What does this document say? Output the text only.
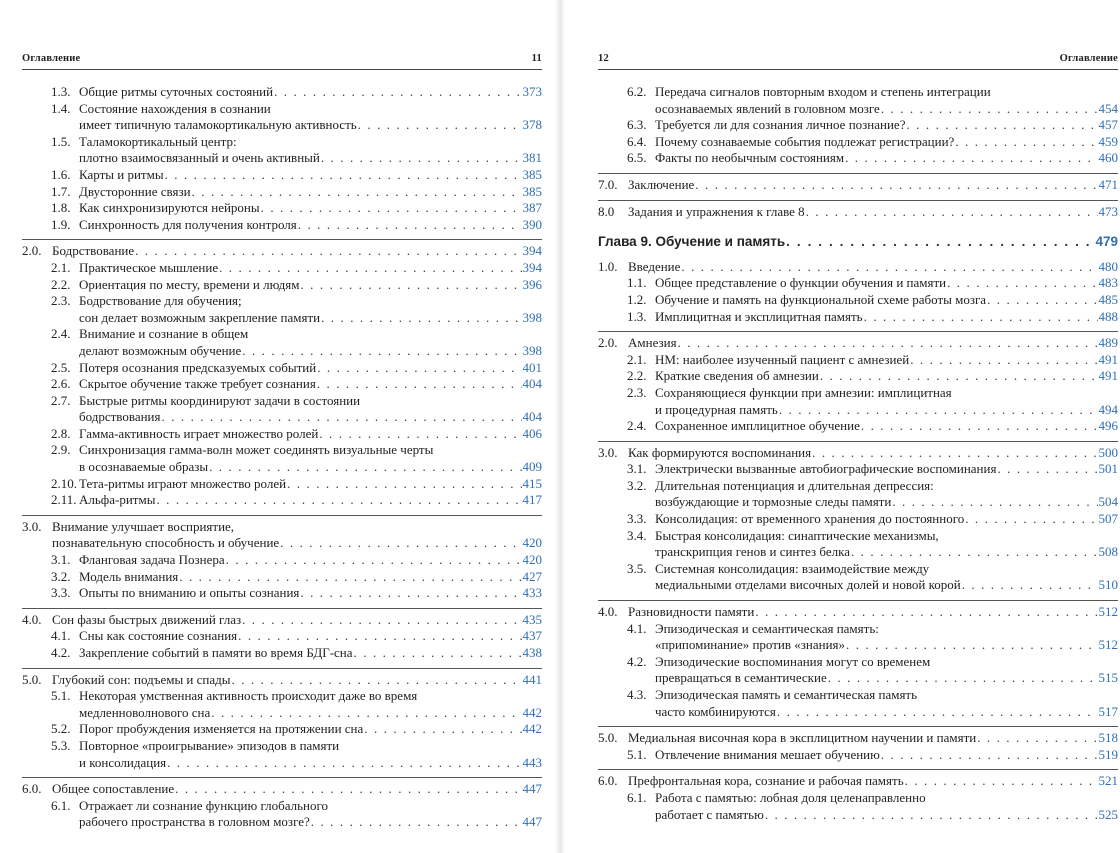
Оглавление	11
1.3. Общие ритмы суточных состояний . . .	373
1.4. Состояние нахождения в сознании
имеет типичную таламокортикальную активность . . .	378
1.5. Таламокортикальный центр:
плотно взаимосвязанный и очень активный . . .	381
1.6. Карты и ритмы . . .	385
1.7. Двусторонние связи . . .	385
1.8. Как синхронизируются нейроны . . .	387
1.9. Синхронность для получения контроля . . .	390
2.0. Бодрствование . . .	394
2.1. Практическое мышление . . .	394
2.2. Ориентация по месту, времени и людям . . .	396
2.3. Бодрствование для обучения;
сон делает возможным закрепление памяти . . .	398
2.4. Внимание и сознание в общем
делают возможным обучение . . .	398
2.5. Потеря осознания предсказуемых событий . . .	401
2.6. Скрытое обучение также требует сознания . . .	404
2.7. Быстрые ритмы координируют задачи в состоянии
бодрствования . . .	404
2.8. Гамма-активность играет множество ролей . . .	406
2.9. Синхронизация гамма-волн может соединять визуальные черты
в осознаваемые образы . . .	409
2.10. Тета-ритмы играют множество ролей . . .	415
2.11. Альфа-ритмы . . .	417
3.0. Внимание улучшает восприятие,
познавательную способность и обучение . . .	420
3.1. Фланговая задача Познера . . .	420
3.2. Модель внимания . . .	427
3.3. Опыты по вниманию и опыты сознания . . .	433
4.0. Сон фазы быстрых движений глаз . . .	435
4.1. Сны как состояние сознания . . .	437
4.2. Закрепление событий в памяти во время БДГ-сна . . .	438
5.0. Глубокий сон: подъемы и спады . . .	441
5.1. Некоторая умственная активность происходит даже во время
медленноволнового сна . . .	442
5.2. Порог пробуждения изменяется на протяжении сна . . .	442
5.3. Повторное «проигрывание» эпизодов в памяти
и консолидация . . .	443
6.0. Общее сопоставление . . .	447
6.1. Отражает ли сознание функцию глобального
рабочего пространства в головном мозге? . . .	447
12	Оглавление
6.2. Передача сигналов повторным входом и степень интеграции
осознаваемых явлений в головном мозге . . .	454
6.3. Требуется ли для сознания личное познание? . . .	457
6.4. Почему сознаваемые события подлежат регистрации? . . .	459
6.5. Факты по необычным состояниям . . .	460
7.0. Заключение . . .	471
8.0	Задания и упражнения к главе 8 . . .	473
Глава 9. Обучение и память . . .	479
1.0. Введение . . .	480
1.1. Общее представление о функции обучения и памяти . . .	483
1.2. Обучение и память на функциональной схеме работы мозга . . .	485
1.3. Имплицитная и эксплицитная память . . .	488
2.0. Амнезия . . .	489
2.1. НМ: наиболее изученный пациент с амнезией . . .	491
2.2. Краткие сведения об амнезии . . .	491
2.3. Сохраняющиеся функции при амнезии: имплицитная
и процедурная память . . .	494
2.4. Сохраненное имплицитное обучение . . .	496
3.0. Как формируются воспоминания . . .	500
3.1. Электрически вызванные автобиографические воспоминания . . .	501
3.2. Длительная потенциация и длительная депрессия:
возбуждающие и тормозные следы памяти . . .	504
3.3. Консолидация: от временного хранения до постоянного . . .	507
3.4. Быстрая консолидация: синаптические механизмы,
транскрипция генов и синтез белка . . .	508
3.5. Системная консолидация: взаимодействие между
медиальными отделами височных долей и новой корой . . .	510
4.0. Разновидности памяти . . .	512
4.1. Эпизодическая и семантическая память:
«припоминание» против «знания» . . .	512
4.2. Эпизодические воспоминания могут со временем
превращаться в семантические . . .	515
4.3. Эпизодическая память и семантическая память
часто комбинируются . . .	517
5.0. Медиальная височная кора в эксплицитном научении и памяти . . .	518
5.1. Отвлечение внимания мешает обучению . . .	519
6.0. Префронтальная кора, сознание и рабочая память . . .	521
6.1. Работа с памятью: лобная доля целенаправленно
работает с памятью . . .	525
